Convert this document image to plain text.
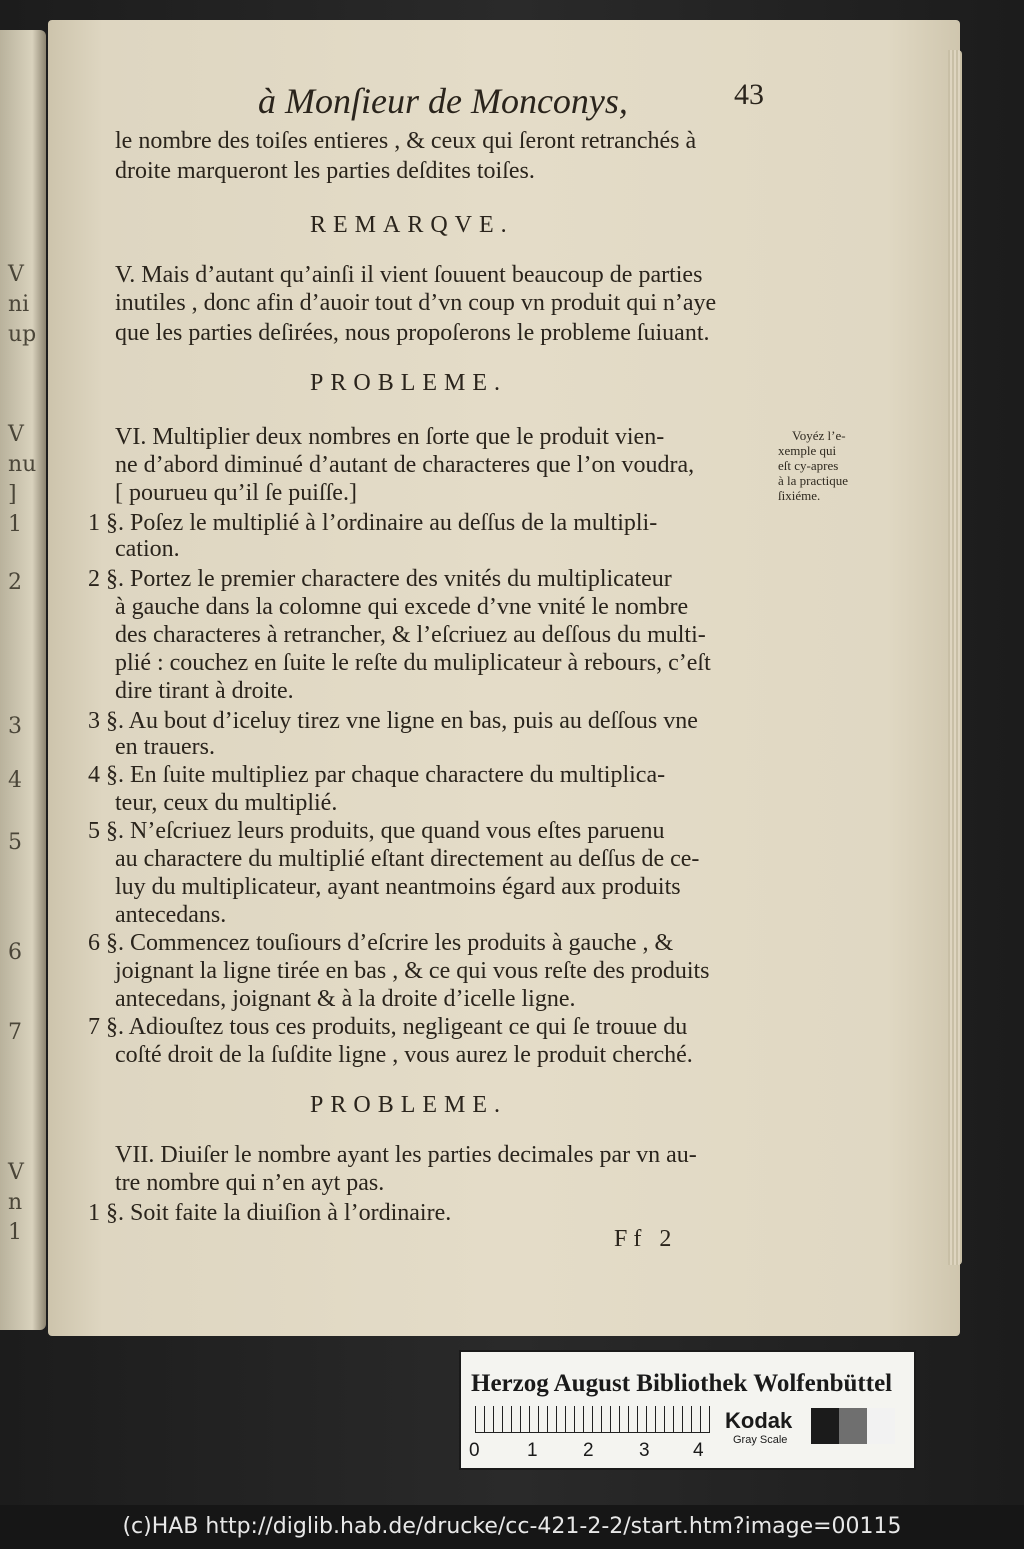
V
ni
up
V
nu
]
1
2
3
4
5
6
7
V
n
1
à Monſieur de Monconys,	43
le nombre des toiſes entieres , & ceux qui ſeront retranchés à
droite marqueront les parties deſdites toiſes.
REMARQVE.
V. Mais d’autant qu’ainſi il vient ſouuent beaucoup de parties
inutiles , donc afin d’auoir tout d’vn coup vn produit qui n’aye
que les parties deſirées, nous propoſerons le probleme ſuiuant.
PROBLEME.
VI. Multiplier deux nombres en ſorte que le produit vien-
ne d’abord diminué d’autant de characteres que l’on voudra,
[ pourueu qu’il ſe puiſſe.]
1 §. Poſez le multiplié à l’ordinaire au deſſus de la multipli-
cation.
2 §. Portez le premier charactere des vnités du multiplicateur
à gauche dans la colomne qui excede d’vne vnité le nombre
des characteres à retrancher, & l’eſcriuez au deſſous du multi-
plié : couchez en ſuite le reſte du muliplicateur à rebours, c’eſt
dire tirant à droite.
3 §. Au bout d’iceluy tirez vne ligne en bas, puis au deſſous vne
en trauers.
4 §. En ſuite multipliez par chaque charactere du multiplica-
teur, ceux du multiplié.
5 §. N’eſcriuez leurs produits, que quand vous eſtes paruenu
au charactere du multiplié eſtant directement au deſſus de ce-
luy du multiplicateur, ayant neantmoins égard aux produits
antecedans.
6 §. Commencez touſiours d’eſcrire les produits à gauche , &
joignant la ligne tirée en bas , & ce qui vous reſte des produits
antecedans, joignant & à la droite d’icelle ligne.
7 §. Adiouſtez tous ces produits, negligeant ce qui ſe trouue du
coſté droit de la ſuſdite ligne , vous aurez le produit cherché.
PROBLEME.
VII. Diuiſer le nombre ayant les parties decimales par vn au-
tre nombre qui n’en ayt pas.
1 §. Soit faite la diuiſion à l’ordinaire.
Voyéz l’e-
xemple qui
eſt cy-apres
à la practique
ſixiéme.
Ff 2
Herzog August Bibliothek Wolfenbüttel
0 1 2 3 4
Kodak
Gray Scale
(c)HAB http://diglib.hab.de/drucke/cc-421-2-2/start.htm?image=00115
